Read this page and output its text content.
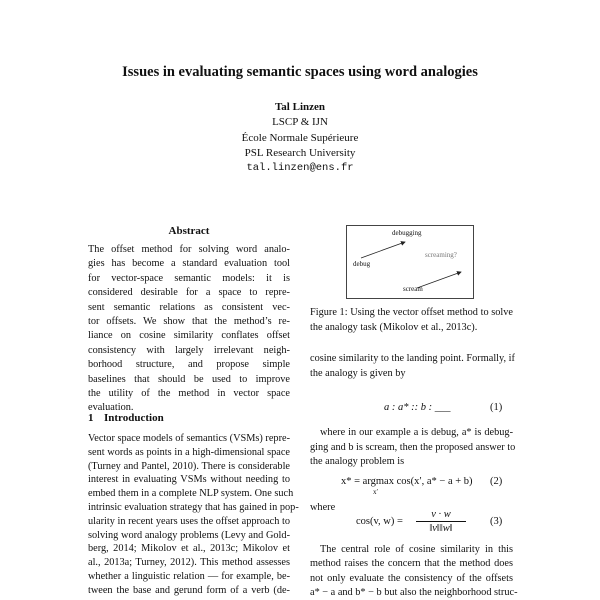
Issues in evaluating semantic spaces using word analogies
Tal Linzen
LSCP & IJN
École Normale Supérieure
PSL Research University
tal.linzen@ens.fr
Abstract
The offset method for solving word analo-
gies has become a standard evaluation tool
for vector-space semantic models: it is
considered desirable for a space to repre-
sent semantic relations as consistent vec-
tor offsets. We show that the method’s re-
liance on cosine similarity conflates offset
consistency with largely irrelevant neigh-
borhood structure, and propose simple
baselines that should be used to improve
the utility of the method in vector space
evaluation.
1 Introduction
Vector space models of semantics (VSMs) repre-
sent words as points in a high-dimensional space
(Turney and Pantel, 2010). There is considerable
interest in evaluating VSMs without needing to
embed them in a complete NLP system. One such
intrinsic evaluation strategy that has gained in pop-
ularity in recent years uses the offset approach to
solving word analogy problems (Levy and Gold-
berg, 2014; Mikolov et al., 2013c; Mikolov et
al., 2013a; Turney, 2012). This method assesses
whether a linguistic relation — for example, be-
tween the base and gerund form of a verb (de-
debugging
debug
screaming?
scream
Figure 1: Using the vector offset method to solve
the analogy task (Mikolov et al., 2013c).
cosine similarity to the landing point. Formally, if
the analogy is given by
a : a* :: b : ___	(1)
where in our example a is debug, a* is debug-
ging and b is scream, then the proposed answer to
the analogy problem is
x* = argmax cos(x′, a* − a + b)
x′
(2)
where
cos(v, w) =
v · w
‖v‖‖w‖
(3)
The central role of cosine similarity in this
method raises the concern that the method does
not only evaluate the consistency of the offsets
a* − a and b* − b but also the neighborhood struc-
